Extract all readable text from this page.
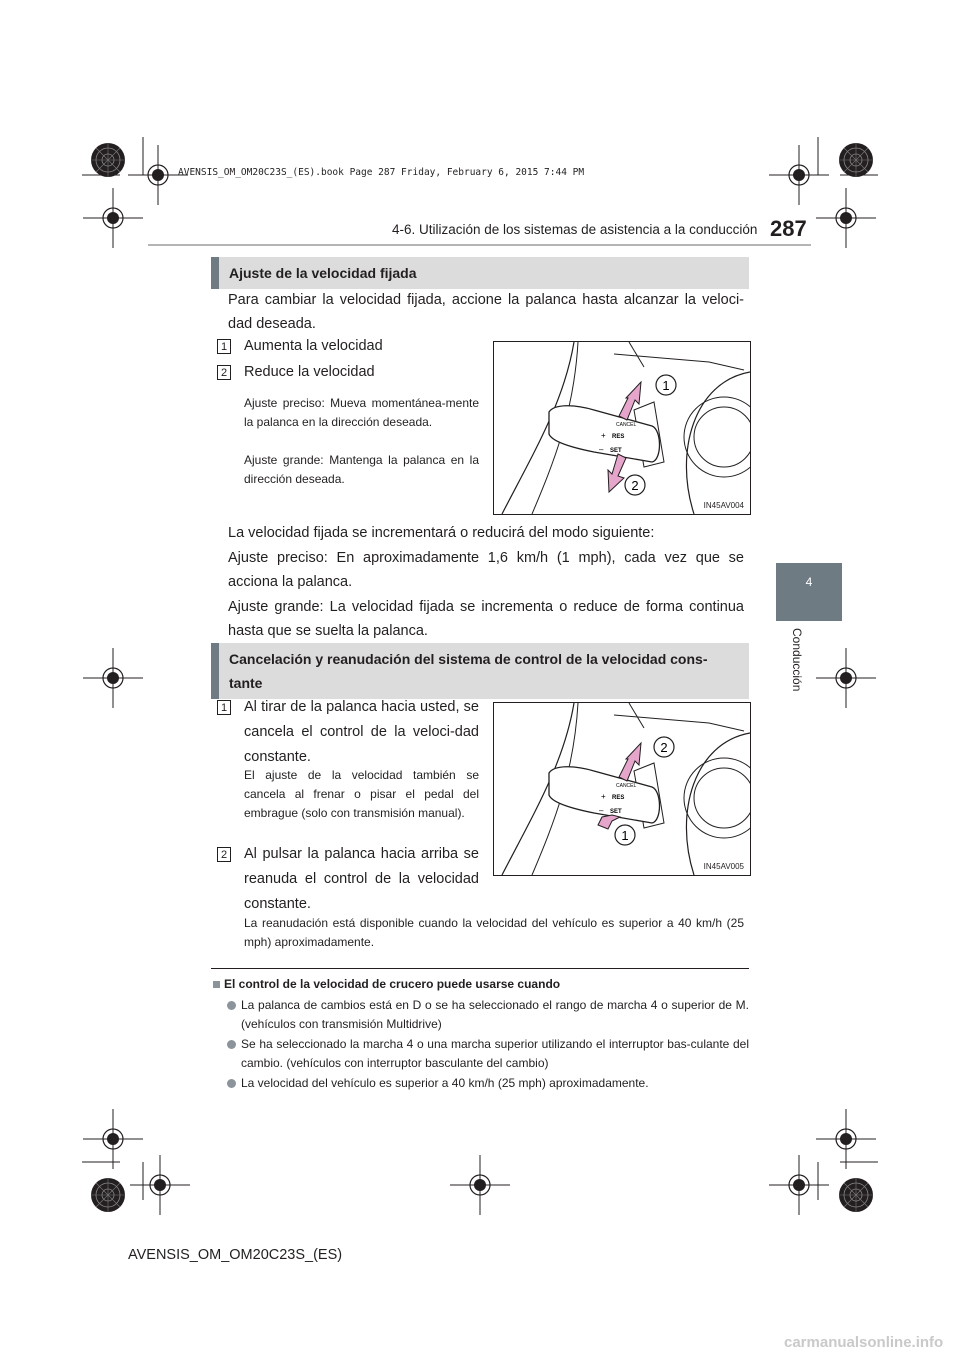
AVENSIS_OM_OM20C23S_(ES).book Page 287 Friday, February 6, 2015 7:44 PM
4-6. Utilización de los sistemas de asistencia a la conducción 287
4
Conducción
Ajuste de la velocidad fijada
Para cambiar la velocidad fijada, accione la palanca hasta alcanzar la veloci-dad deseada.
1 Aumenta la velocidad
2 Reduce la velocidad
Ajuste preciso: Mueva momentánea-mente la palanca en la dirección deseada.
Ajuste grande: Mantenga la palanca en la dirección deseada.
CANCEL
+ RES
– SET
1
2
IN45AV004
La velocidad fijada se incrementará o reducirá del modo siguiente:
Ajuste preciso: En aproximadamente 1,6 km/h (1 mph), cada vez que se acciona la palanca.
Ajuste grande: La velocidad fijada se incrementa o reduce de forma continua hasta que se suelta la palanca.
Cancelación y reanudación del sistema de control de la velocidad cons-tante
1 Al tirar de la palanca hacia usted, se cancela el control de la veloci-dad constante.
El ajuste de la velocidad también se cancela al frenar o pisar el pedal del embrague (solo con transmisión manual).
2 Al pulsar la palanca hacia arriba se reanuda el control de la velocidad constante.
CANCEL
+ RES
– SET
2
1
IN45AV005
La reanudación está disponible cuando la velocidad del vehículo es superior a 40 km/h (25 mph) aproximadamente.
El control de la velocidad de crucero puede usarse cuando
La palanca de cambios está en D o se ha seleccionado el rango de marcha 4 o superior de M. (vehículos con transmisión Multidrive)
Se ha seleccionado la marcha 4 o una marcha superior utilizando el interruptor bas-culante del cambio. (vehículos con interruptor basculante del cambio)
La velocidad del vehículo es superior a 40 km/h (25 mph) aproximadamente.
AVENSIS_OM_OM20C23S_(ES)
carmanualsonline.info
